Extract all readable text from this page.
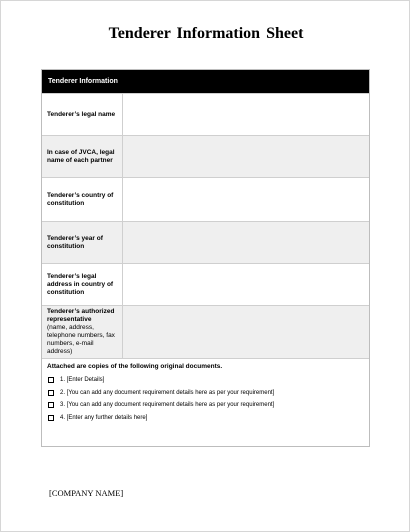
Tenderer Information Sheet
Tenderer Information
Tenderer’s legal name
In case of JVCA, legal name of each partner
Tenderer’s country of constitution
Tenderer’s year of constitution
Tenderer’s legal address in country of constitution
Tenderer’s authorized representative
(name, address, telephone numbers, fax numbers, e-mail address)
Attached are copies of the following original documents.
1. [Enter Details]
2. [You can add any document requirement details here as per your requirement]
3. [You can add any document requirement details here as per your requirement]
4. [Enter any further details here]
[COMPANY NAME]
